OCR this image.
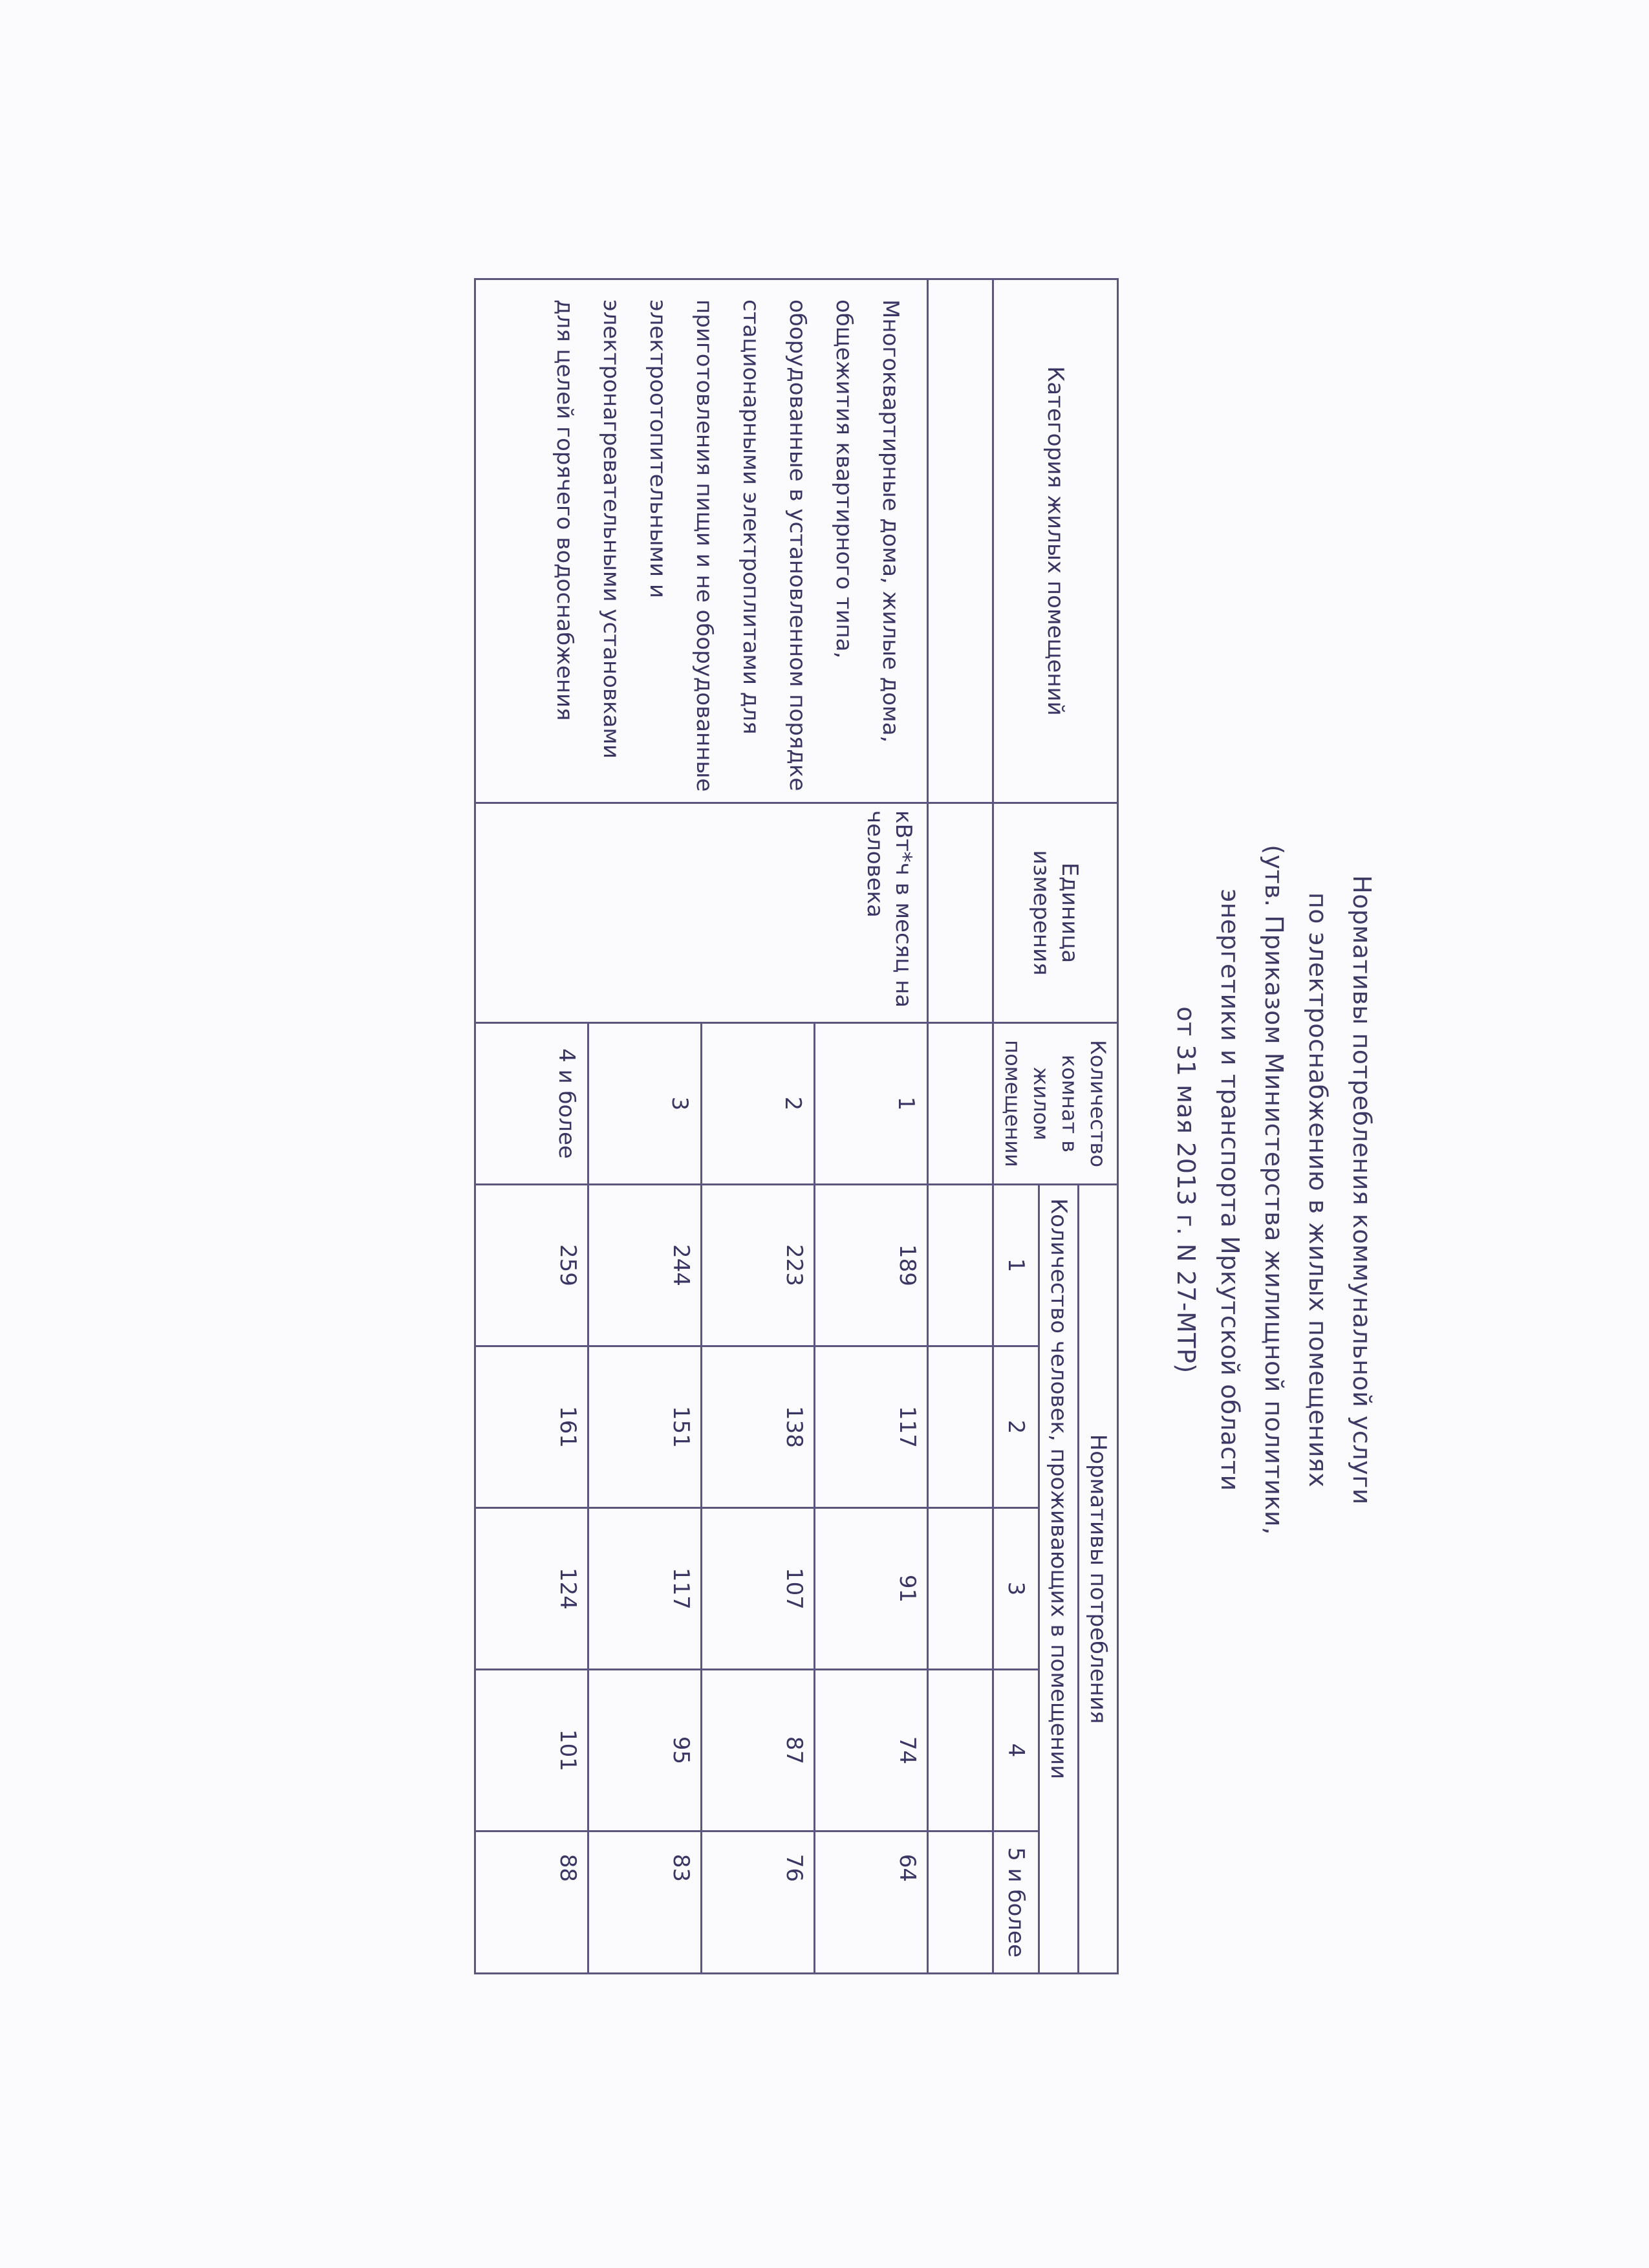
Нормативы потребления коммунальной услуги
по электроснабжению в жилых помещениях
(утв. Приказом Министерства жилищной политики,
энергетики и транспорта Иркутской области
от 31 мая 2013 г. N 27-МТР)
Категория жилых помещений	Единица измерения	Количество комнат в жилом помещении	Нормативы потребления				
			Количество человек, проживающих в помещении				
			1	2	3	4	5 и более

Многоквартирные дома, жилые дома, общежития квартирного типа, оборудованные в установленном порядке стационарными электроплитами для приготовления пищи и не оборудованные электроотопительными и электронагревательными установками для целей горячего водоснабжения	кВт*ч в месяц на человека	1	189	117	91	74	64
		2	223	138	107	87	76
		3	244	151	117	95	83
		4 и более	259	161	124	101	88
